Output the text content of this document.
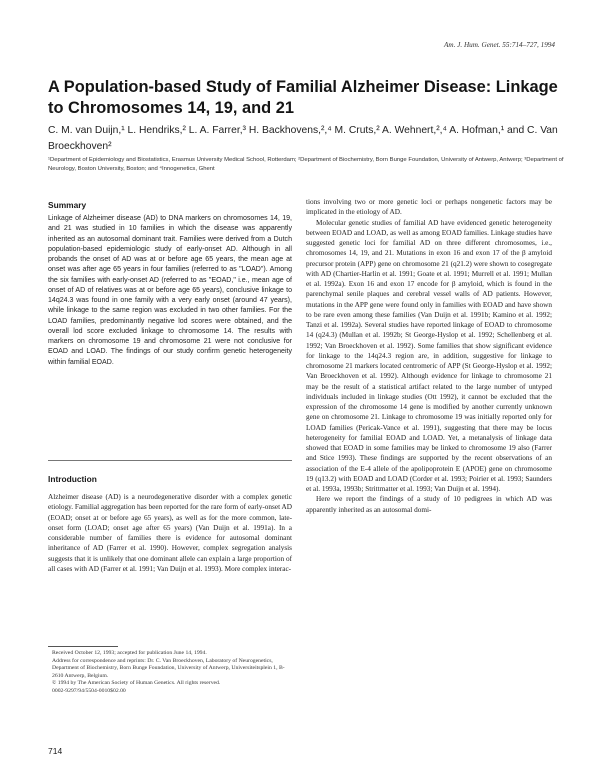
Am. J. Hum. Genet. 55:714–727, 1994
A Population-based Study of Familial Alzheimer Disease: Linkage to Chromosomes 14, 19, and 21
C. M. van Duijn,¹ L. Hendriks,² L. A. Farrer,³ H. Backhovens,²,⁴ M. Cruts,² A. Wehnert,²,⁴ A. Hofman,¹ and C. Van Broeckhoven²
¹Department of Epidemiology and Biostatistics, Erasmus University Medical School, Rotterdam; ²Department of Biochemistry, Born Bunge Foundation, University of Antwerp, Antwerp; ³Department of Neurology, Boston University, Boston; and ⁴Innogenetics, Ghent
Summary

Linkage of Alzheimer disease (AD) to DNA markers on chromosomes 14, 19, and 21 was studied in 10 families in which the disease was apparently inherited as an autosomal dominant trait. Families were derived from a Dutch population-based epidemiologic study of early-onset AD. Although in all probands the onset of AD was at or before age 65 years, the mean age at onset was after age 65 years in four families (referred to as "LOAD"). Among the six families with early-onset AD (referred to as "EOAD," i.e., mean age of onset of AD of relatives was at or before age 65 years), conclusive linkage to 14q24.3 was found in one family with a very early onset (around 47 years), while linkage to the same region was excluded in two other families. For the LOAD families, predominantly negative lod scores were obtained, and the overall lod score excluded linkage to chromosome 14. The results with markers on chromosome 19 and chromosome 21 were not conclusive for EOAD and LOAD. The findings of our study confirm genetic heterogeneity within familial EOAD.

Introduction

Alzheimer disease (AD) is a neurodegenerative disorder with a complex genetic etiology. Familial aggregation has been reported for the rare form of early-onset AD (EOAD; onset at or before age 65 years), as well as for the more common, late-onset form (LOAD; onset age after 65 years) (Van Duijn et al. 1991a). In a considerable number of families there is evidence for autosomal dominant inheritance of AD (Farrer et al. 1990). However, complex segregation analysis suggests that it is unlikely that one dominant allele can explain a large proportion of all cases with AD (Farrer et al. 1991; Van Duijn et al. 1993). More complex interac-

tions involving two or more genetic loci or perhaps nongenetic factors may be implicated in the etiology of AD.

Molecular genetic studies of familial AD have evidenced genetic heterogeneity between EOAD and LOAD, as well as among EOAD families. Linkage studies have suggested genetic loci for familial AD on three different chromosomes, i.e., chromosomes 14, 19, and 21. Mutations in exon 16 and exon 17 of the β amyloid precursor protein (APP) gene on chromosome 21 (q21.2) were shown to cosegregate with AD (Chartier-Harlin et al. 1991; Goate et al. 1991; Murrell et al. 1991; Mullan et al. 1992a). Exon 16 and exon 17 encode for β amyloid, which is found in the parenchymal senile plaques and cerebral vessel walls of AD patients. However, mutations in the APP gene were found only in families with EOAD and have shown to be rare even among these families (Van Duijn et al. 1991b; Kamino et al. 1992; Tanzi et al. 1992a). Several studies have reported linkage of EOAD to chromosome 14 (q24.3) (Mullan et al. 1992b; St George-Hyslop et al. 1992; Schellenberg et al. 1992; Van Broeckhoven et al. 1992). Some families that show significant evidence for linkage to the 14q24.3 region are, in addition, suggestive for linkage to chromosome 21 markers located centromeric of APP (St George-Hyslop et al. 1992; Van Broeckhoven et al. 1992). Although evidence for linkage to chromosome 21 may be the result of a statistical artifact related to the large number of untyped individuals included in linkage studies (Ott 1992), it cannot be excluded that the expression of the chromosome 14 gene is modified by another currently unknown gene on chromosome 21. Linkage to chromosome 19 was initially reported only for LOAD families (Pericak-Vance et al. 1991), suggesting that there may be locus heterogeneity for familial EOAD and LOAD. Yet, a metanalysis of linkage data showed that EOAD in some families may be linked to chromosome 19 also (Farrer and Stice 1993). These findings are supported by the recent observations of an association of the E-4 allele of the apolipoprotein E (APOE) gene on chromosome 19 (q13.2) with EOAD and LOAD (Corder et al. 1993; Poirier et al. 1993; Saunders et al. 1993a, 1993b; Strittmatter et al. 1993; Van Duijn et al. 1994).

Here we report the findings of a study of 10 pedigrees in which AD was apparently inherited as an autosomal domi-

Received October 12, 1993; accepted for publication June 14, 1994.

Address for correspondence and reprints: Dr. C. Van Broeckhoven, Laboratory of Neurogenetics, Department of Biochemistry, Born Bunge Foundation, University of Antwerp, Universiteitsplein 1, B-2610 Antwerp, Belgium.

© 1994 by The American Society of Human Genetics. All rights reserved.

0002-9297/94/5504-0010$02.00

714
